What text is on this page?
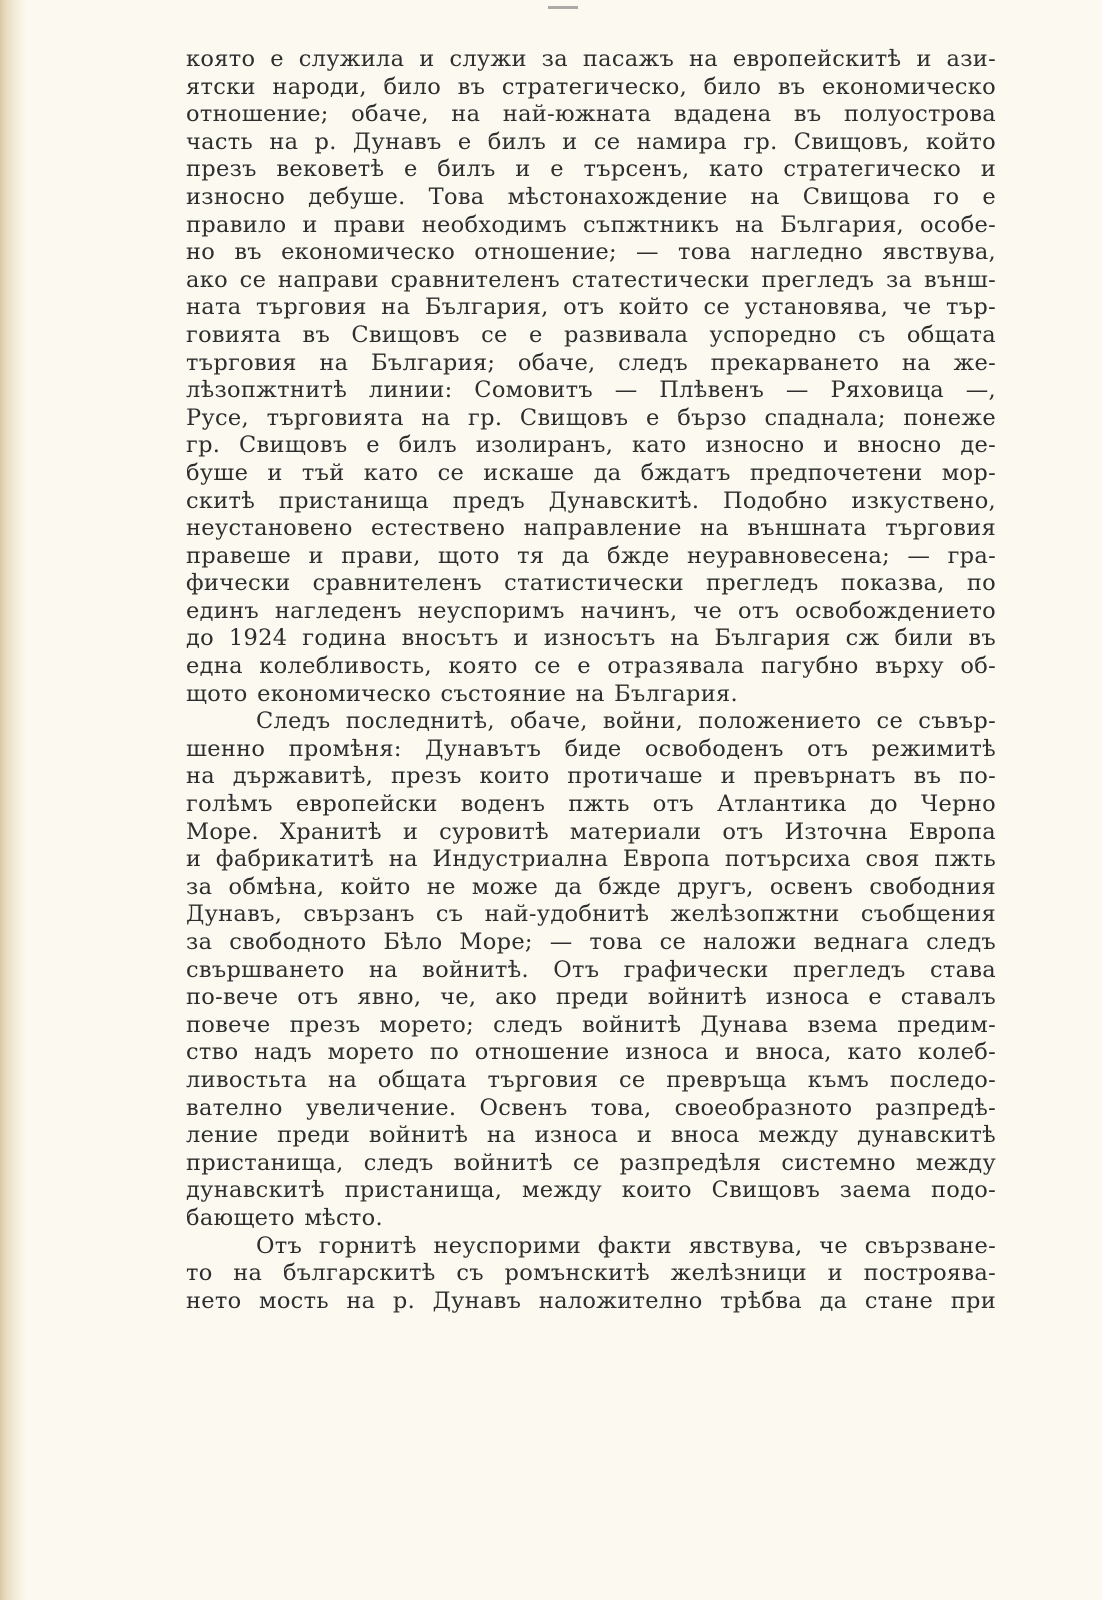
която е служила и служи за пасажъ на европейскитѣ и ази-
ятски народи, било въ стратегическо, било въ економическо
отношение; обаче, на най-южната вдадена въ полуострова
часть на р. Дунавъ е билъ и се намира гр. Свищовъ, който
презъ вековетѣ е билъ и е търсенъ, като стратегическо и
износно дебуше. Това мѣстонахождение на Свищова го е
правило и прави необходимъ съпжтникъ на България, особе-
но въ економическо отношение; — това нагледно явствува,
ако се направи сравнителенъ статестически прегледъ за външ-
ната търговия на България, отъ който се установява, че тър-
говията въ Свищовъ се е развивала успоредно съ общата
търговия на България; обаче, следъ прекарването на же-
лѣзопжтнитѣ линии: Сомовитъ — Плѣвенъ — Ряховица —,
Русе, търговията на гр. Свищовъ е бързо спаднала; понеже
гр. Свищовъ е билъ изолиранъ, като износно и вносно де-
буше и тъй като се искаше да бждатъ предпочетени мор-
скитѣ пристанища предъ Дунавскитѣ. Подобно изкуствено,
неустановено естествено направление на външната търговия
правеше и прави, щото тя да бжде неуравновесена; — гра-
фически сравнителенъ статистически прегледъ показва, по
единъ нагледенъ неуспоримъ начинъ, че отъ освобождението
до 1924 година вносътъ и износътъ на България сж били въ
една колебливость, която се е отразявала пагубно върху об-
щото економическо състояние на България.
Следъ последнитѣ, обаче, войни, положението се съвър-
шенно промѣня: Дунавътъ биде освободенъ отъ режимитѣ
на държавитѣ, презъ които протичаше и превърнатъ въ по-
голѣмъ европейски воденъ пжть отъ Атлантика до Черно
Море. Хранитѣ и суровитѣ материали отъ Източна Европа
и фабрикатитѣ на Индустриална Европа потърсиха своя пжть
за обмѣна, който не може да бжде другъ, освенъ свободния
Дунавъ, свързанъ съ най-удобнитѣ желѣзопжтни съобщения
за свободното Бѣло Море; — това се наложи веднага следъ
свършването на войнитѣ. Отъ графически прегледъ става
по-вече отъ явно, че, ако преди войнитѣ износа е ставалъ
повече презъ морето; следъ войнитѣ Дунава взема предим-
ство надъ морето по отношение износа и вноса, като колеб-
ливостьта на общата търговия се превръща къмъ последо-
вателно увеличение. Освенъ това, своеобразното разпредѣ-
ление преди войнитѣ на износа и вноса между дунавскитѣ
пристанища, следъ войнитѣ се разпредѣля системно между
дунавскитѣ пристанища, между които Свищовъ заема подо-
бающето мѣсто.
Отъ горнитѣ неуспорими факти явствува, че свързване-
то на българскитѣ съ ромънскитѣ желѣзници и построява-
нето мость на р. Дунавъ наложително трѣбва да стане при
